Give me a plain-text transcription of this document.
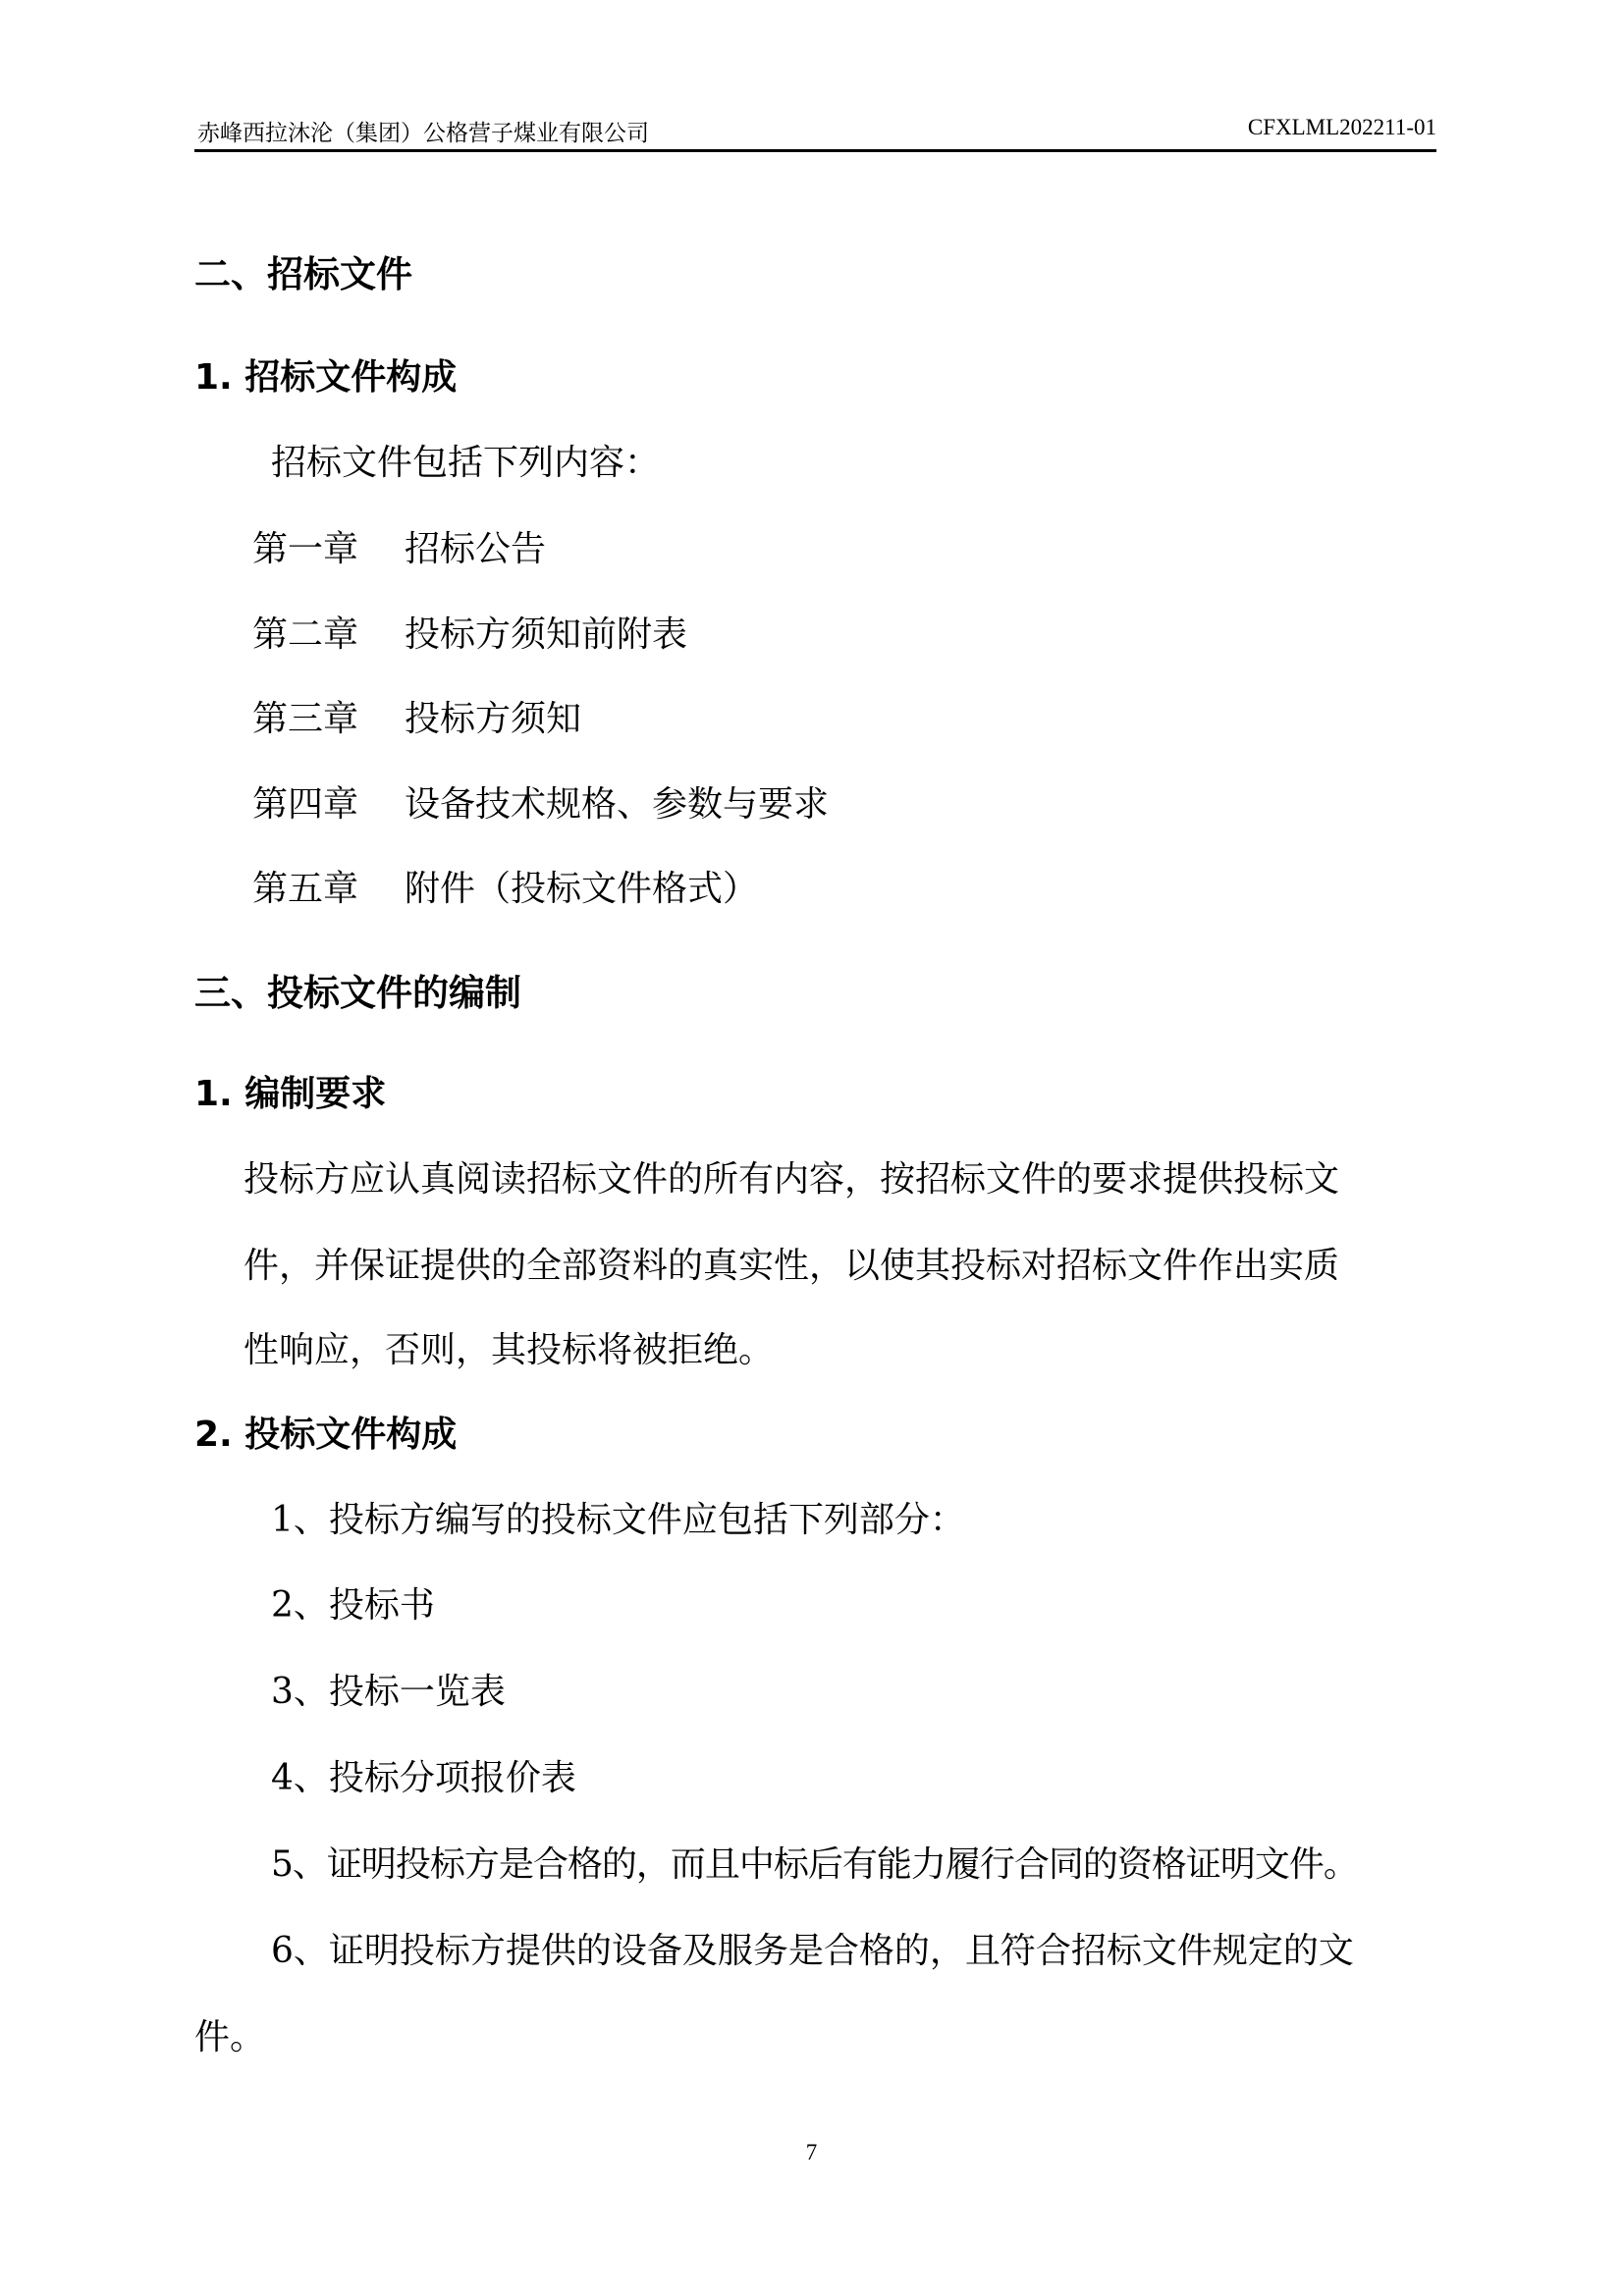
赤峰西拉沐沦（集团）公格营子煤业有限公司	CFXLML202211-01
二、招标文件
1. 招标文件构成
招标文件包括下列内容：
第一章 招标公告
第二章 投标方须知前附表
第三章 投标方须知
第四章 设备技术规格、参数与要求
第五章 附件（投标文件格式）
三、投标文件的编制
1. 编制要求
投标方应认真阅读招标文件的所有内容，按招标文件的要求提供投标文
件，并保证提供的全部资料的真实性，以使其投标对招标文件作出实质
性响应，否则，其投标将被拒绝。
2. 投标文件构成
1、投标方编写的投标文件应包括下列部分：
2、投标书
3、投标一览表
4、投标分项报价表
5、证明投标方是合格的，而且中标后有能力履行合同的资格证明文件。
6、证明投标方提供的设备及服务是合格的，且符合招标文件规定的文
件。
7
